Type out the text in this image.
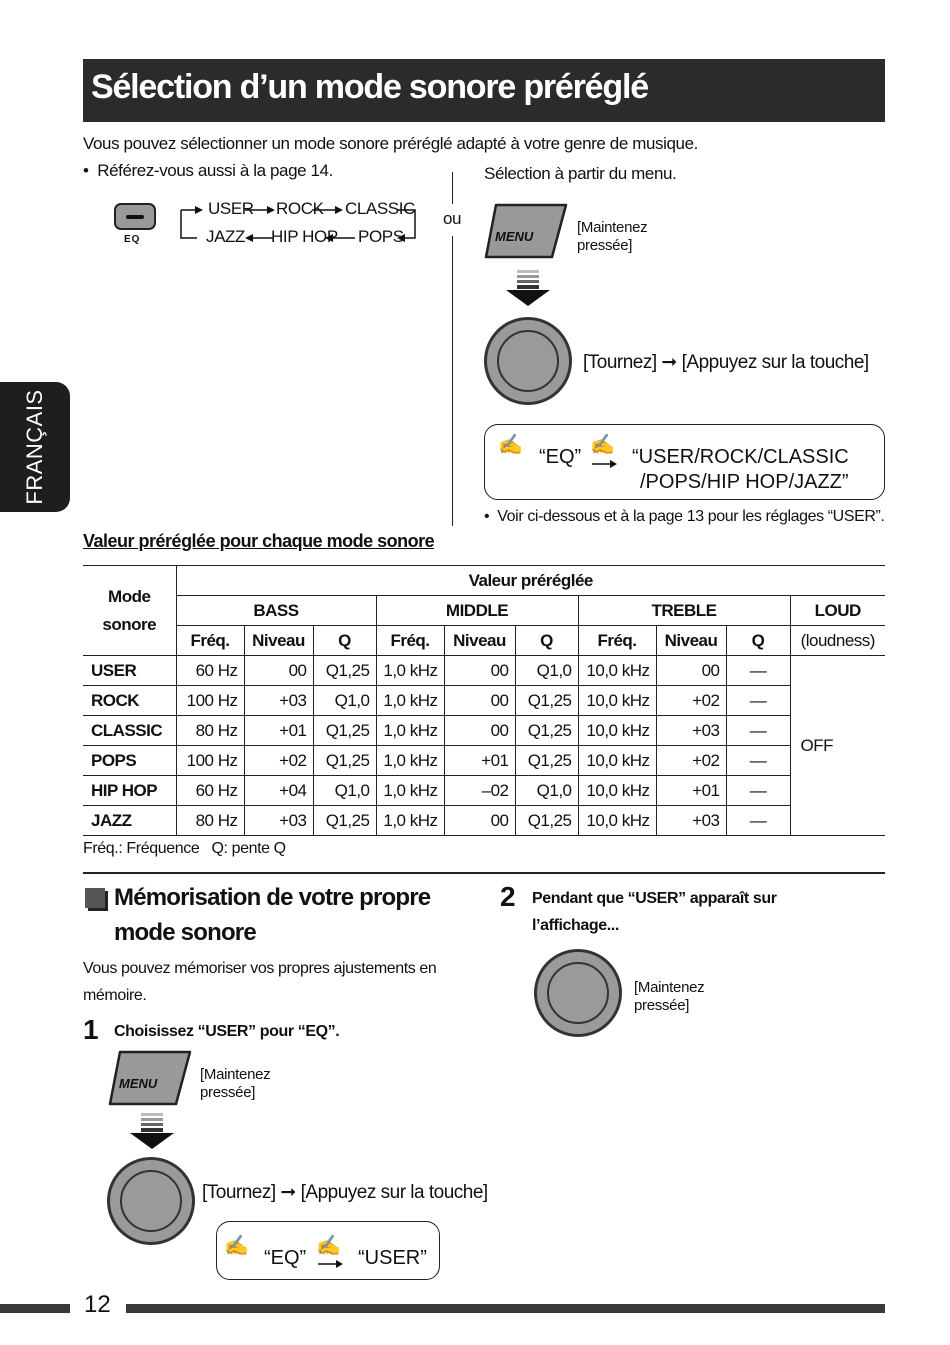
Sélection d’un mode sonore préréglé
FRANÇAIS
Vous pouvez sélectionner un mode sonore préréglé adapté à votre genre de musique.
•  Référez-vous aussi à la page 14.
EQ
USER ROCK CLASSIC
JAZZ HIP HOP POPS
ou
Sélection à partir du menu.
MENU
[Maintenez
pressée]
[Tournez] ➞ [Appuyez sur la touche]
✍
“EQ”
✍
“USER/ROCK/CLASSIC
/POPS/HIP HOP/JAZZ”
•  Voir ci-dessous et à la page 13 pour les réglages “USER”.
Valeur préréglée pour chaque mode sonore
Mode
sonore	Valeur préréglée									
	BASS			MIDDLE			TREBLE			LOUD
	Fréq.	Niveau	Q	Fréq.	Niveau	Q	Fréq.	Niveau	Q	(loudness)
USER	60 Hz	00	Q1,25	1,0 kHz	00	Q1,0	10,0 kHz	00	—	OFF
ROCK	100 Hz	+03	Q1,0	1,0 kHz	00	Q1,25	10,0 kHz	+02	—	
CLASSIC	80 Hz	+01	Q1,25	1,0 kHz	00	Q1,25	10,0 kHz	+03	—	
POPS	100 Hz	+02	Q1,25	1,0 kHz	+01	Q1,25	10,0 kHz	+02	—	
HIP HOP	60 Hz	+04	Q1,0	1,0 kHz	–02	Q1,0	10,0 kHz	+01	—	
JAZZ	80 Hz	+03	Q1,25	1,0 kHz	00	Q1,25	10,0 kHz	+03	—	
Fréq.: Fréquence   Q: pente Q
Mémorisation de votre propre
mode sonore
Vous pouvez mémoriser vos propres ajustements en
mémoire.
1 Choisissez “USER” pour “EQ”.
MENU
[Maintenez
pressée]
[Tournez] ➞ [Appuyez sur la touche]
✍
“EQ”
✍
“USER”
2 Pendant que “USER” apparaît sur
l’affichage...
[Maintenez
pressée]
12
